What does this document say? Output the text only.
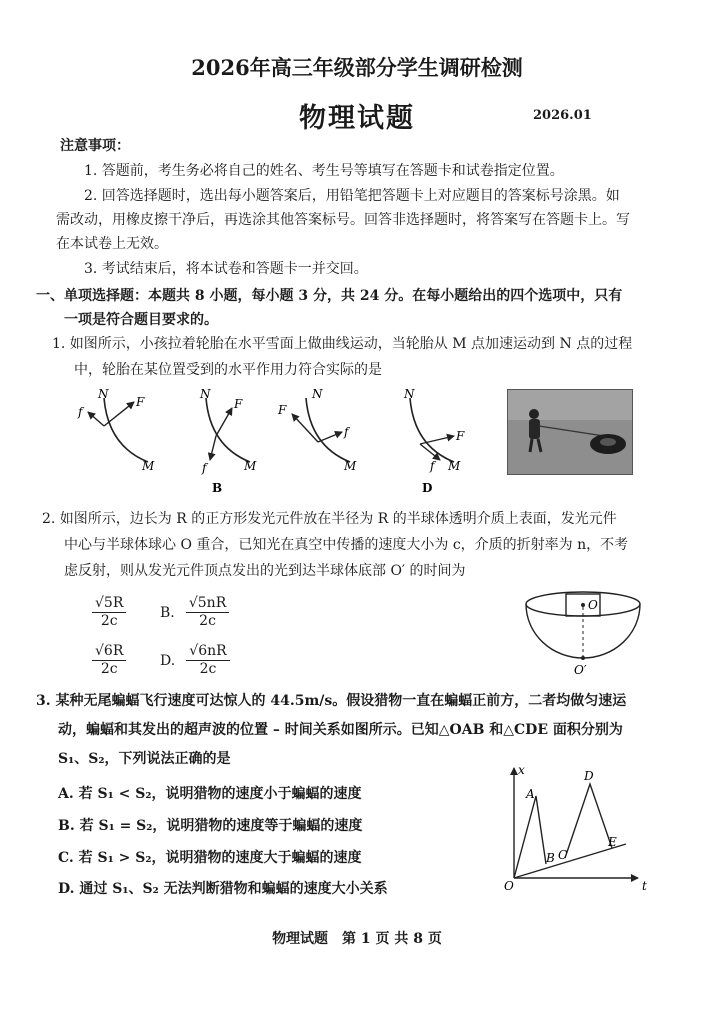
2026年高三年级部分学生调研检测
物理试题	2026.01
注意事项：
1. 答题前，考生务必将自己的姓名、考生号等填写在答题卡和试卷指定位置。
2. 回答选择题时，选出每小题答案后，用铅笔把答题卡上对应题目的答案标号涂黑。如
需改动，用橡皮擦干净后，再选涂其他答案标号。回答非选择题时，将答案写在答题卡上。写
在本试卷上无效。
3. 考试结束后，将本试卷和答题卡一并交回。
一、单项选择题：本题共 8 小题，每小题 3 分，共 24 分。在每小题给出的四个选项中，只有
一项是符合题目要求的。
1. 如图所示，小孩拉着轮胎在水平雪面上做曲线运动，当轮胎从 M 点加速运动到 N 点的过程
中，轮胎在某位置受到的水平作用力符合实际的是
N
F
f
M
N
F
f	M
B
N
F
f
M
N
F
f M
D
2. 如图所示，边长为 R 的正方形发光元件放在半径为 R 的半球体透明介质上表面，发光元件
中心与半球体球心 O 重合，已知光在真空中传播的速度大小为 c，介质的折射率为 n，不考
虑反射，则从发光元件顶点发出的光到达半球体底部 O′ 的时间为
$\frac{√5R}{2c} B$. $\frac{√5nR}{2c}$
$\frac{√6R}{2c} D$. $\frac{√6nR}{2c}$
O
O′
3. 某种无尾蝙蝠飞行速度可达惊人的 44.5m/s。假设猎物一直在蝙蝠正前方，二者均做匀速运
动，蝙蝠和其发出的超声波的位置 – 时间关系如图所示。已知△OAB 和△CDE 面积分别为
S₁、S₂，下列说法正确的是
A. 若 S₁ < S₂，说明猎物的速度小于蝙蝠的速度
B. 若 S₁ = S₂，说明猎物的速度等于蝙蝠的速度
C. 若 S₁ > S₂，说明猎物的速度大于蝙蝠的速度
D. 通过 S₁、S₂ 无法判断猎物和蝙蝠的速度大小关系	t
x
O
A
B C
D
E
物理试题　第 1 页 共 8 页
